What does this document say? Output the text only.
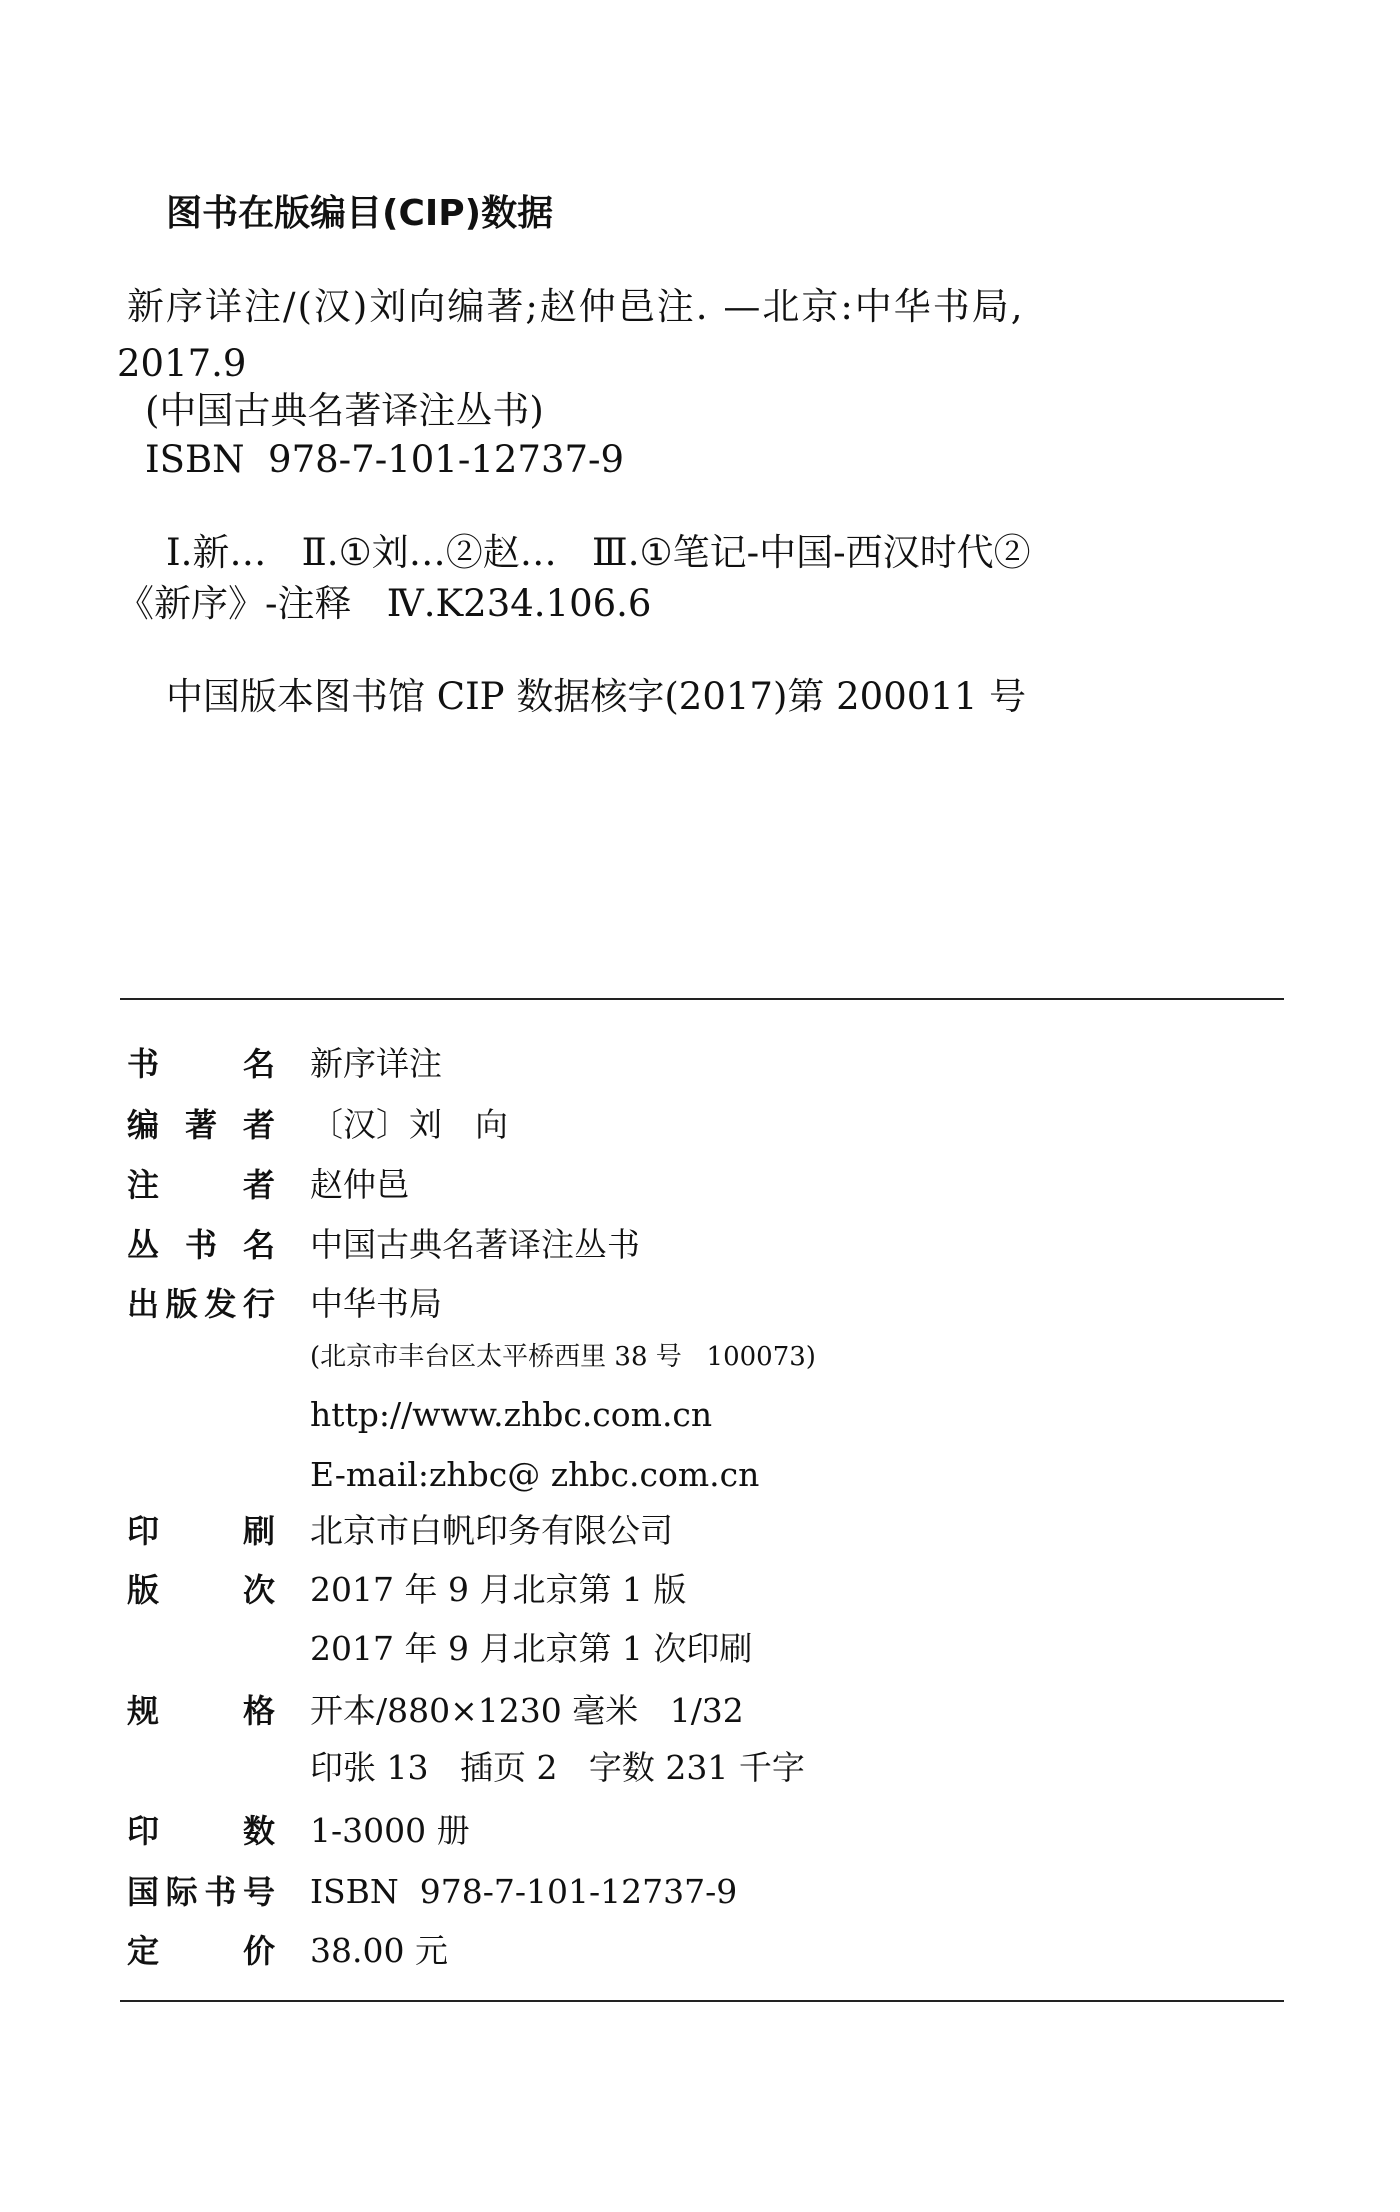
图书在版编目(CIP)数据
新序详注/(汉)刘向编著;赵仲邑注. —北京:中华书局,
2017.9
(中国古典名著译注丛书)
ISBN  978-7-101-12737-9
Ⅰ.新…   Ⅱ.①刘…②赵…   Ⅲ.①笔记-中国-西汉时代②
《新序》-注释   Ⅳ.K234.106.6
中国版本图书馆 CIP 数据核字(2017)第 200011 号
书名 新序详注
编著者 〔汉〕刘　向
注者 赵仲邑
丛书名 中国古典名著译注丛书
出版发行 中华书局
(北京市丰台区太平桥西里 38 号   100073)
http://www.zhbc.com.cn
E-mail:zhbc@ zhbc.com.cn
印刷 北京市白帆印务有限公司
版次 2017 年 9 月北京第 1 版
2017 年 9 月北京第 1 次印刷
规格 开本/880×1230 毫米   1/32
印张 13   插页 2   字数 231 千字
印数 1-3000 册
国际书号 ISBN  978-7-101-12737-9
定价 38.00 元
